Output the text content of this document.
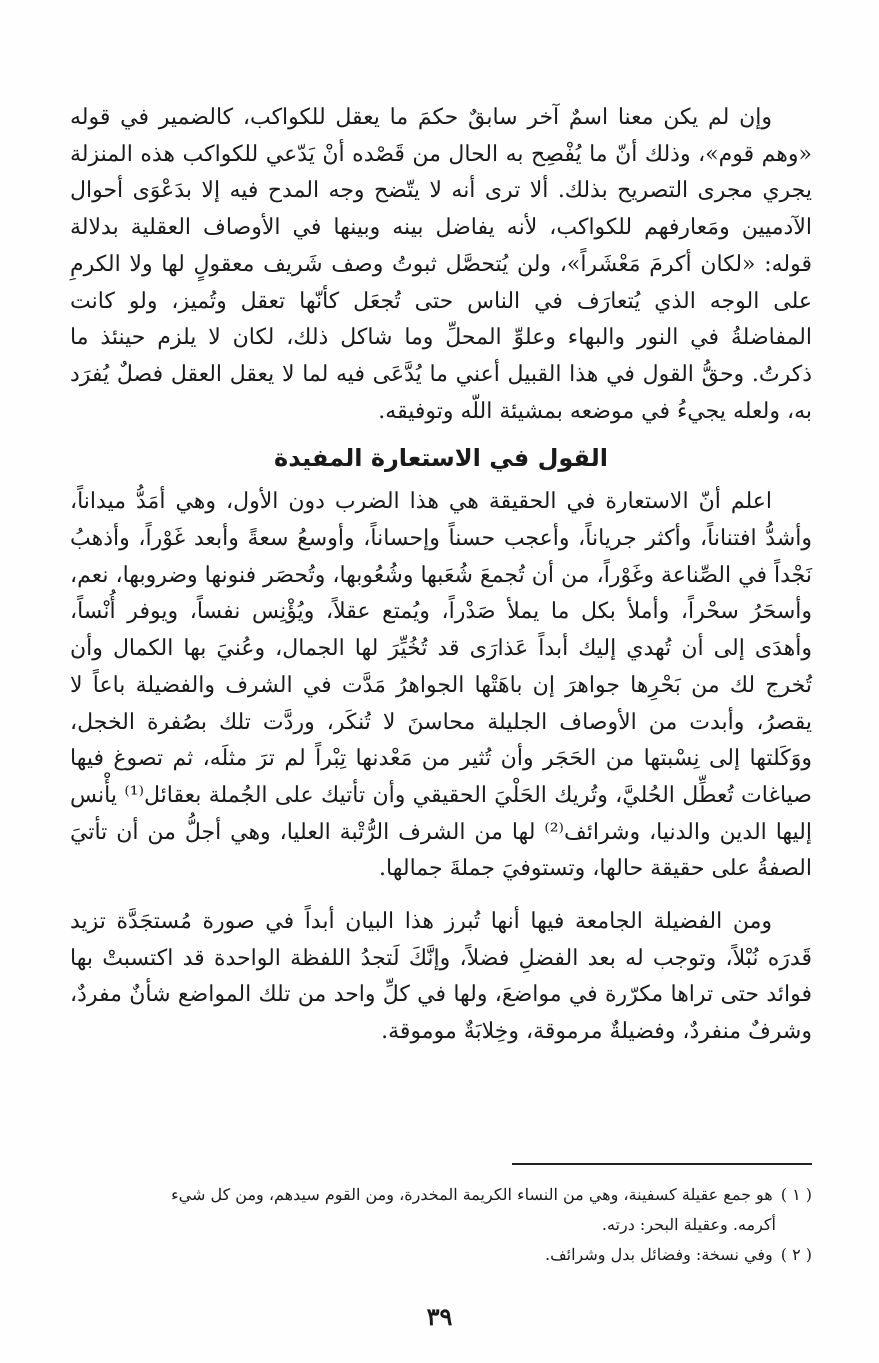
وإن لم يكن معنا اسمٌ آخر سابقٌ حكمَ ما يعقل للكواكب، كالضمير في قوله «وهم قوم»، وذلك أنّ ما يُفْصِح به الحال من قَصْده أنْ يَدّعي للكواكب هذه المنزلة يجري مجرى التصريح بذلك. ألا ترى أنه لا يتّضح وجه المدح فيه إلا بدَعْوَى أحوال الآدميين ومَعارفهم للكواكب، لأنه يفاضل بينه وبينها في الأوصاف العقلية بدلالة قوله: «لكان أكرمَ مَعْشَراً»، ولن يُتحصَّل ثبوتُ وصف شَريف معقولٍ لها ولا الكرمِ على الوجه الذي يُتعارَف في الناس حتى تُجعَل كأنّها تعقل وتُميز، ولو كانت المفاضلةُ في النور والبهاء وعلوِّ المحلِّ وما شاكل ذلك، لكان لا يلزم حينئذ ما ذكرتُ. وحقُّ القول في هذا القبيل أعني ما يُدَّعَى فيه لما لا يعقل العقل فصلٌ يُفرَد به، ولعله يجيءُ في موضعه بمشيئة اللّه وتوفيقه.

القول في الاستعارة المفيدة

اعلم أنّ الاستعارة في الحقيقة هي هذا الضرب دون الأول، وهي أمَدُّ ميداناً، وأشدُّ افتناناً، وأكثر جرياناً، وأعجب حسناً وإحساناً، وأوسعُ سعةً وأبعد غَوْراً، وأذهبُ نَجْداً في الصِّناعة وغَوْراً، من أن تُجمعَ شُعَبها وشُعُوبها، وتُحصَر فنونها وضروبها، نعم، وأسحَرُ سحْراً، وأملأ بكل ما يملأ صَدْراً، ويُمتع عقلاً، ويُؤْنِس نفساً، ويوفر أُنْساً، وأهدَى إلى أن تُهدي إليك أبداً عَذارَى قد تُخُيِّرَ لها الجمال، وعُنيَ بها الكمال وأن تُخرج لك من بَحْرِها جواهرَ إن باهَتْها الجواهرُ مَدَّت في الشرف والفضيلة باعاً لا يقصرُ، وأبدت من الأوصاف الجليلة محاسنَ لا تُنكَر، وردَّت تلك بصُفرة الخجل، ووَكَلتها إلى نِسْبتها من الحَجَر وأن تُثير من مَعْدنها تِبْراً لم ترَ مثلَه، ثم تصوغ فيها صياغات تُعطِّل الحُليَّ، وتُريك الحَلْيَ الحقيقي وأن تأتيك على الجُملة بعقائل⁽¹⁾ يأْنس إليها الدين والدنيا، وشرائف⁽²⁾ لها من الشرف الرُّتْبة العليا، وهي أجلُّ من أن تأتيَ الصفةُ على حقيقة حالها، وتستوفيَ جملةَ جمالها.

ومن الفضيلة الجامعة فيها أنها تُبرز هذا البيان أبداً في صورة مُستجَدَّة تزيد قَدرَه نُبْلاً، وتوجب له بعد الفضلِ فضلاً، وإنَّكَ لَتجدُ اللفظة الواحدة قد اكتسبتْ بها فوائد حتى تراها مكرّرة في مواضعَ، ولها في كلِّ واحد من تلك المواضع شأنٌ مفردٌ، وشرفٌ منفردٌ، وفضيلةٌ مرموقة، وخِلابَةٌ موموقة.

( ١ )هو جمع عقيلة كسفينة، وهي من النساء الكريمة المخدرة، ومن القوم سيدهم، ومن كل شيء

أكرمه. وعقيلة البحر: درته.

( ٢ )وفي نسخة: وفضائل بدل وشرائف.

٣٩
